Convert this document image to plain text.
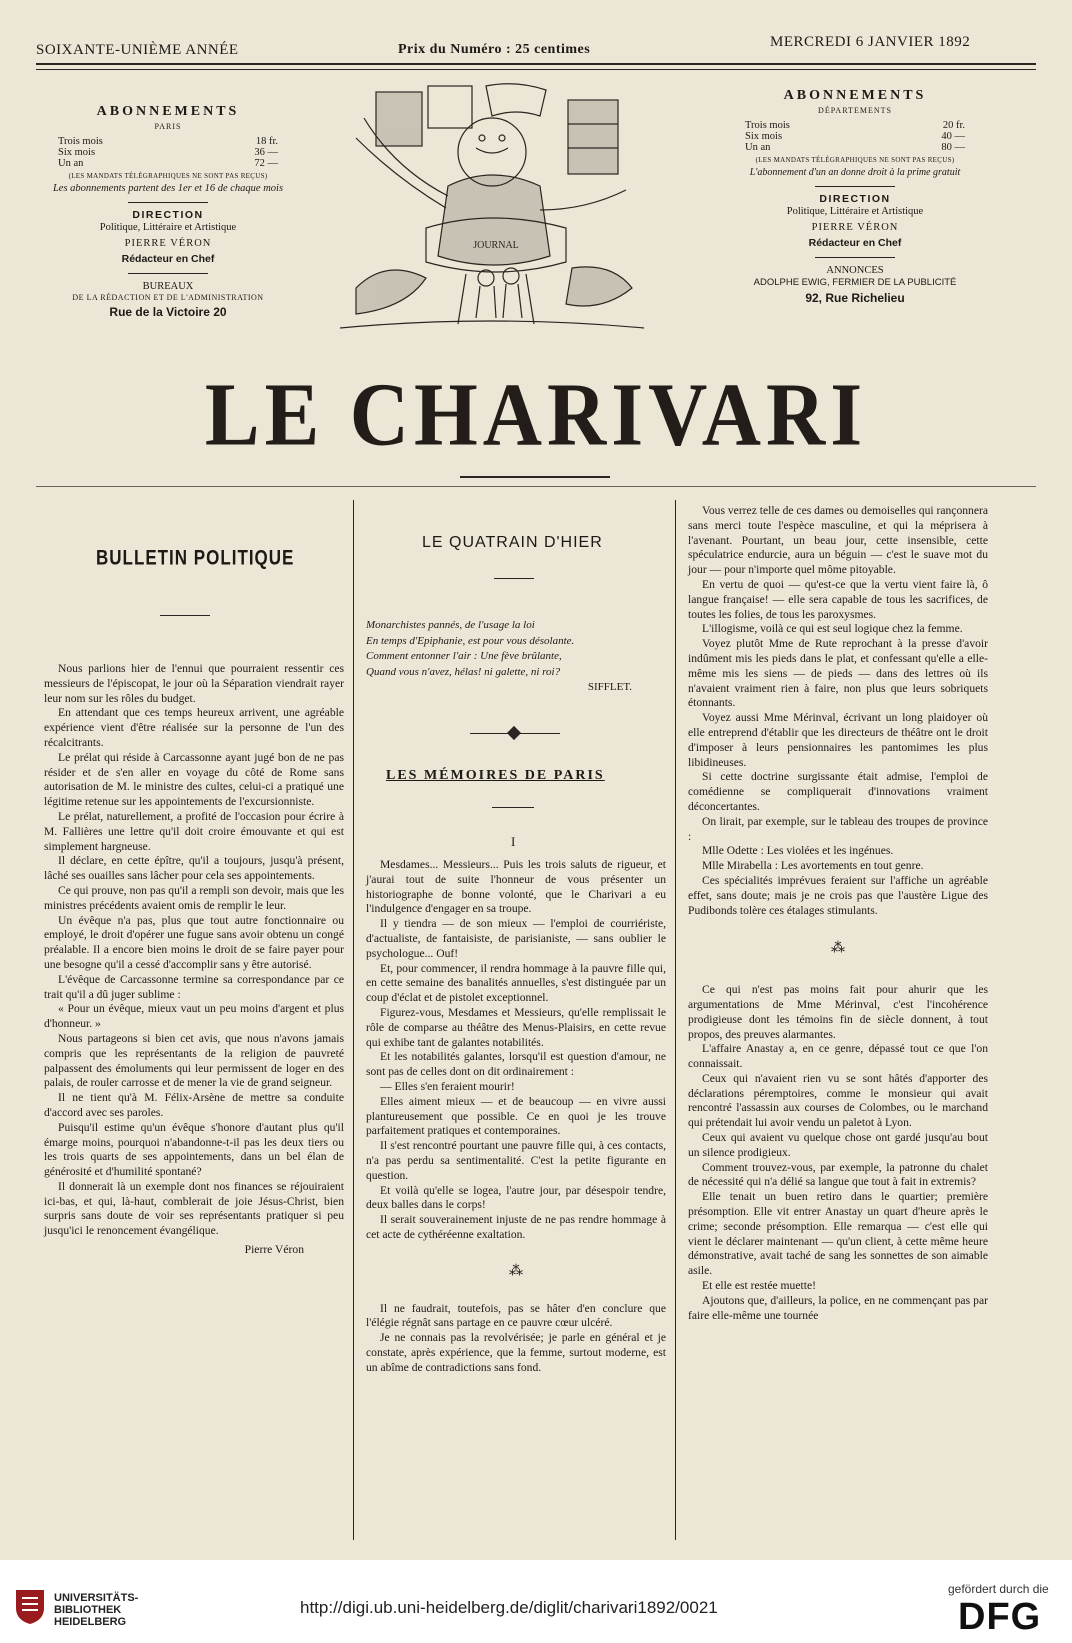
SOIXANTE-UNIÈME ANNÉE	Prix du Numéro : 25 centimes	MERCREDI 6 JANVIER 1892
ABONNEMENTS
PARIS
Trois mois	18 fr.
Six mois	36 —
Un an	72 —
(LES MANDATS TÉLÉGRAPHIQUES NE SONT PAS REÇUS)
Les abonnements partent des 1er et 16 de chaque mois
DIRECTION
Politique, Littéraire et Artistique
PIERRE VÉRON
Rédacteur en Chef
BUREAUX
DE LA RÉDACTION ET DE L'ADMINISTRATION
Rue de la Victoire 20
JOURNAL
ABONNEMENTS
DÉPARTEMENTS
Trois mois	20 fr.
Six mois	40 —
Un an	80 —
(LES MANDATS TÉLÉGRAPHIQUES NE SONT PAS REÇUS)
L'abonnement d'un an donne droit à la prime gratuit
DIRECTION
Politique, Littéraire et Artistique
PIERRE VÉRON
Rédacteur en Chef
ANNONCES
ADOLPHE EWIG, FERMIER DE LA PUBLICITÉ
92, Rue Richelieu
LE CHARIVARI
BULLETIN POLITIQUE

Nous parlions hier de l'ennui que pourraient ressentir ces messieurs de l'épiscopat, le jour où la Séparation viendrait rayer leur nom sur les rôles du budget.

En attendant que ces temps heureux arrivent, une agréable expérience vient d'être réalisée sur la personne de l'un des récalcitrants.

Le prélat qui réside à Carcassonne ayant jugé bon de ne pas résider et de s'en aller en voyage du côté de Rome sans autorisation de M. le ministre des cultes, celui-ci a pratiqué une légitime retenue sur les appointements de l'excursionniste.

Le prélat, naturellement, a profité de l'occasion pour écrire à M. Fallières une lettre qu'il doit croire émouvante et qui est simplement hargneuse.

Il déclare, en cette épître, qu'il a toujours, jusqu'à présent, lâché ses ouailles sans lâcher pour cela ses appointements.

Ce qui prouve, non pas qu'il a rempli son devoir, mais que les ministres précédents avaient omis de remplir le leur.

Un évêque n'a pas, plus que tout autre fonctionnaire ou employé, le droit d'opérer une fugue sans avoir obtenu un congé préalable. Il a encore bien moins le droit de se faire payer pour une besogne qu'il a cessé d'accomplir sans y être autorisé.

L'évêque de Carcassonne termine sa correspondance par ce trait qu'il a dû juger sublime :

« Pour un évêque, mieux vaut un peu moins d'argent et plus d'honneur. »

Nous partageons si bien cet avis, que nous n'avons jamais compris que les représentants de la religion de pauvreté palpassent des émoluments qui leur permissent de loger en des palais, de rouler carrosse et de mener la vie de grand seigneur.

Il ne tient qu'à M. Félix-Arsène de mettre sa conduite d'accord avec ses paroles.

Puisqu'il estime qu'un évêque s'honore d'autant plus qu'il émarge moins, pourquoi n'abandonne-t-il pas les deux tiers ou les trois quarts de ses appointements, dans un bel élan de générosité et d'humilité spontané?

Il donnerait là un exemple dont nos finances se réjouiraient ici-bas, et qui, là-haut, comblerait de joie Jésus-Christ, bien surpris sans doute de voir ses représentants pratiquer si peu jusqu'ici le renoncement évangélique.

Pierre Véron

LE QUATRAIN D'HIER

Monarchistes pannés, de l'usage la loi

En temps d'Epiphanie, est pour vous désolante.

Comment entonner l'air : Une fève brûlante,

Quand vous n'avez, hélas! ni galette, ni roi?

SIFFLET.

LES MÉMOIRES DE PARIS
I

Mesdames... Messieurs... Puis les trois saluts de rigueur, et j'aurai tout de suite l'honneur de vous présenter un historiographe de bonne volonté, que le Charivari a eu l'indulgence d'engager en sa troupe.

Il y tiendra — de son mieux — l'emploi de courriériste, d'actualiste, de fantaisiste, de parisianiste, — sans oublier le psychologue... Ouf!

Et, pour commencer, il rendra hommage à la pauvre fille qui, en cette semaine des banalités annuelles, s'est distinguée par un coup d'éclat et de pistolet exceptionnel.

Figurez-vous, Mesdames et Messieurs, qu'elle remplissait le rôle de comparse au théâtre des Menus-Plaisirs, en cette revue qui exhibe tant de galantes notabilités.

Et les notabilités galantes, lorsqu'il est question d'amour, ne sont pas de celles dont on dit ordinairement :

— Elles s'en feraient mourir!

Elles aiment mieux — et de beaucoup — en vivre aussi plantureusement que possible. Ce en quoi je les trouve parfaitement pratiques et contemporaines.

Il s'est rencontré pourtant une pauvre fille qui, à ces contacts, n'a pas perdu sa sentimentalité. C'est la petite figurante en question.

Et voilà qu'elle se logea, l'autre jour, par désespoir tendre, deux balles dans le corps!

Il serait souverainement injuste de ne pas rendre hommage à cet acte de cythéréenne exaltation.

⁂

Il ne faudrait, toutefois, pas se hâter d'en conclure que l'élégie régnât sans partage en ce pauvre cœur ulcéré.

Je ne connais pas la revolvérisée; je parle en général et je constate, après expérience, que la femme, surtout moderne, est un abîme de contradictions sans fond.

Vous verrez telle de ces dames ou demoiselles qui rançonnera sans merci toute l'espèce masculine, et qui la méprisera à l'avenant. Pourtant, un beau jour, cette insensible, cette spéculatrice endurcie, aura un béguin — c'est le suave mot du jour — pour n'importe quel môme pitoyable.

En vertu de quoi — qu'est-ce que la vertu vient faire là, ô langue française! — elle sera capable de tous les sacrifices, de toutes les folies, de tous les paroxysmes.

L'illogisme, voilà ce qui est seul logique chez la femme.

Voyez plutôt Mme de Rute reprochant à la presse d'avoir indûment mis les pieds dans le plat, et confessant qu'elle a elle-même mis les siens — de pieds — dans des lettres où ils n'avaient vraiment rien à faire, non plus que leurs sobriquets étonnants.

Voyez aussi Mme Mérinval, écrivant un long plaidoyer où elle entreprend d'établir que les directeurs de théâtre ont le droit d'imposer à leurs pensionnaires les pantomimes les plus libidineuses.

Si cette doctrine surgissante était admise, l'emploi de comédienne se compliquerait d'innovations vraiment déconcertantes.

On lirait, par exemple, sur le tableau des troupes de province :

Mlle Odette : Les violées et les ingénues.

Mlle Mirabella : Les avortements en tout genre.

Ces spécialités imprévues feraient sur l'affiche un agréable effet, sans doute; mais je ne crois pas que l'austère Ligue des Pudibonds tolère ces étalages stimulants.

⁂

Ce qui n'est pas moins fait pour ahurir que les argumentations de Mme Mérinval, c'est l'incohérence prodigieuse dont les témoins fin de siècle donnent, à tout propos, des preuves alarmantes.

L'affaire Anastay a, en ce genre, dépassé tout ce que l'on connaissait.

Ceux qui n'avaient rien vu se sont hâtés d'apporter des déclarations péremptoires, comme le monsieur qui avait rencontré l'assassin aux courses de Colombes, ou le marchand qui prétendait lui avoir vendu un paletot à Lyon.

Ceux qui avaient vu quelque chose ont gardé jusqu'au bout un silence prodigieux.

Comment trouvez-vous, par exemple, la patronne du chalet de nécessité qui n'a délié sa langue que tout à fait in extremis?

Elle tenait un buen retiro dans le quartier; première présomption. Elle vit entrer Anastay un quart d'heure après le crime; seconde présomption. Elle remarqua — c'est elle qui vient le déclarer maintenant — qu'un client, à cette même heure démonstrative, avait taché de sang les sonnettes de son aimable asile.

Et elle est restée muette!

Ajoutons que, d'ailleurs, la police, en ne commençant pas par faire elle-même une tournée

UNIVERSITÄTS-
BIBLIOTHEK
HEIDELBERG
http://digi.ub.uni-heidelberg.de/diglit/charivari1892/0021
gefördert durch die
DFG
